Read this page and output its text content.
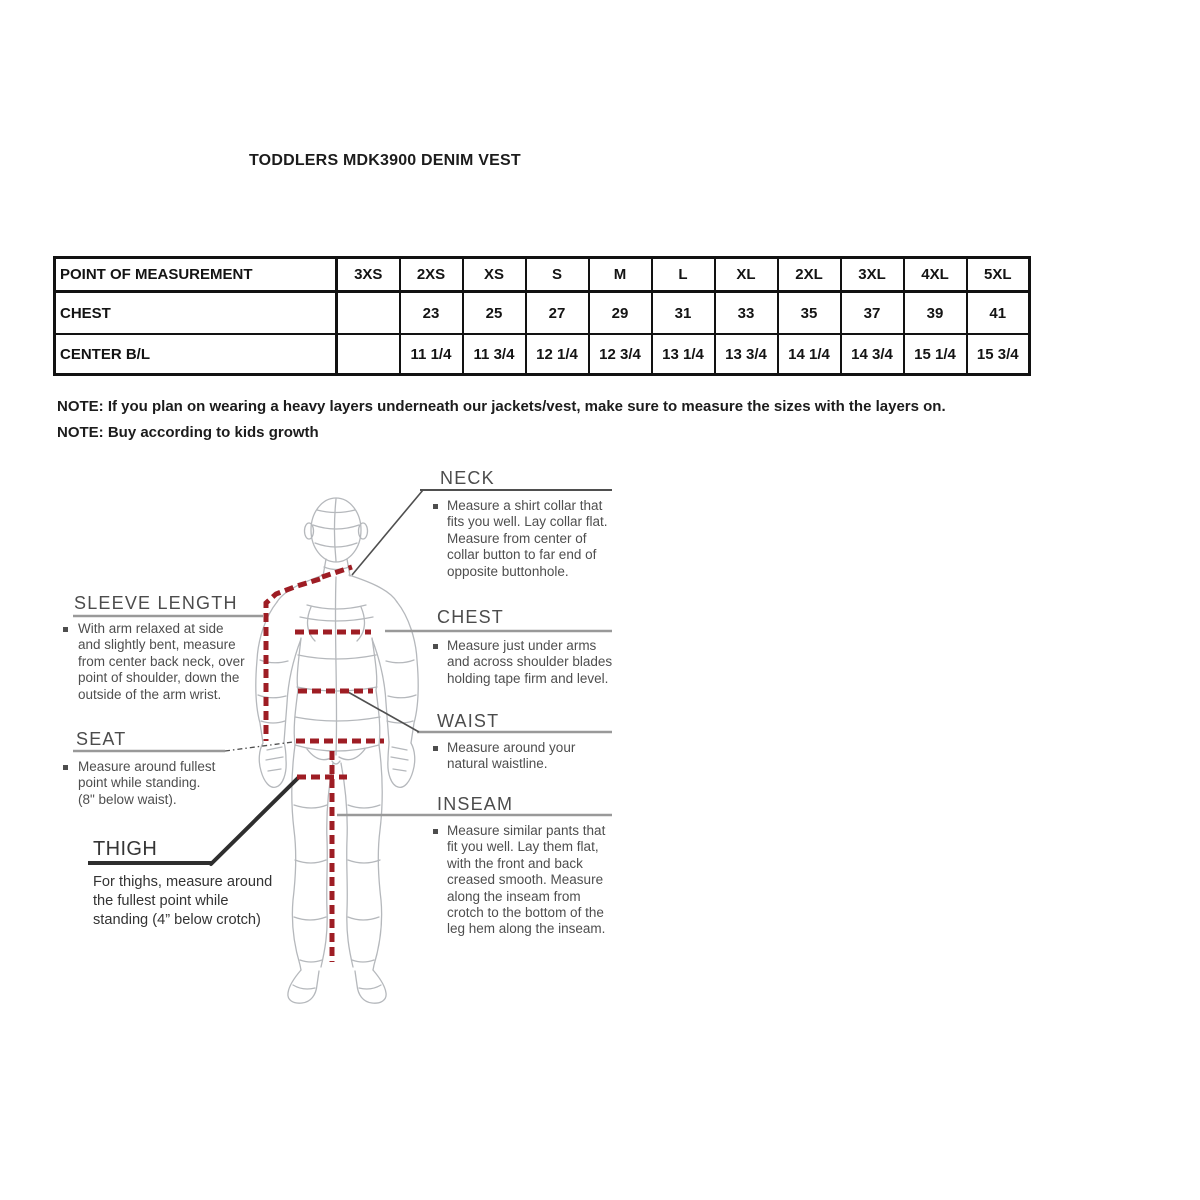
TODDLERS MDK3900 DENIM VEST
POINT OF MEASUREMENT	3XS	2XS	XS	S	M	L	XL	2XL	3XL	4XL	5XL
CHEST		23	25	27	29	31	33	35	37	39	41
CENTER B/L		11 1/4	11 3/4	12 1/4	12 3/4	13 1/4	13 3/4	14 1/4	14 3/4	15 1/4	15 3/4
NOTE: If you plan on wearing a heavy layers underneath our jackets/vest, make sure to measure the sizes with the layers on.
NOTE: Buy according to kids growth
SLEEVE LENGTH
With arm relaxed at side
and slightly bent, measure
from center back neck, over
point of shoulder, down the
outside of the arm wrist.
SEAT
Measure around fullest
point while standing.
(8" below waist).
THIGH
For thighs, measure around
the fullest point while
standing (4” below crotch)
NECK
Measure a shirt collar that
fits you well. Lay collar flat.
Measure from center of
collar button to far end of
opposite buttonhole.
CHEST
Measure just under arms
and across shoulder blades
holding tape firm and level.
WAIST
Measure around your
natural waistline.
INSEAM
Measure similar pants that
fit you well. Lay them flat,
with the front and back
creased smooth. Measure
along the inseam from
crotch to the bottom of the
leg hem along the inseam.
